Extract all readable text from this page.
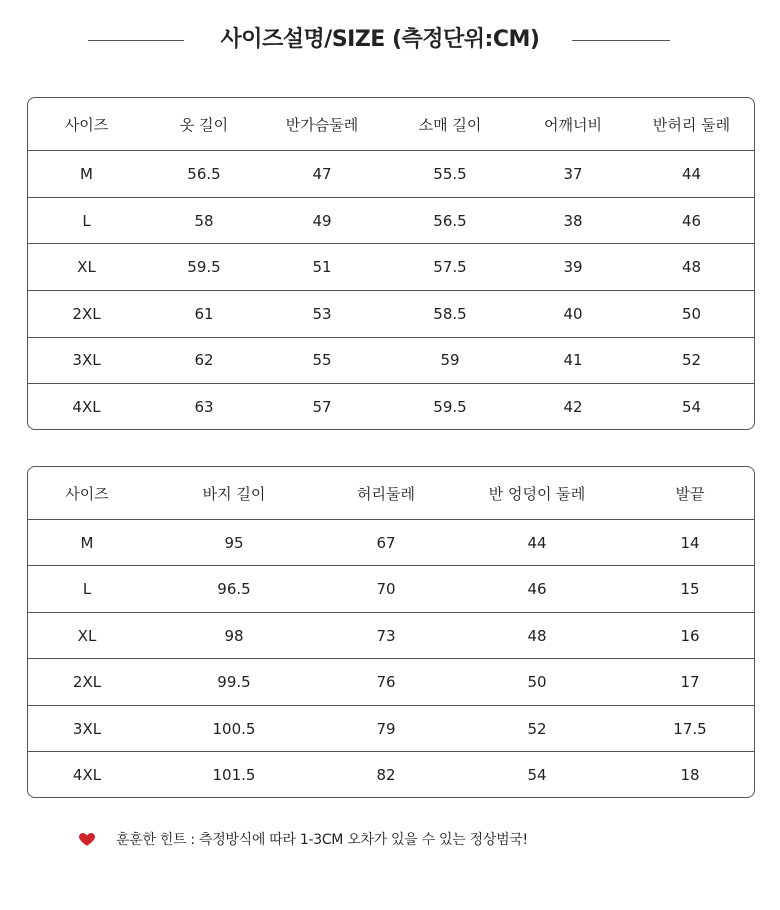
사이즈설명/SIZE (측정단위:CM)
사이즈	옷 길이	반가슴둘레	소매 길이	어깨너비	반허리 둘레
M	56.5	47	55.5	37	44
L	58	49	56.5	38	46
XL	59.5	51	57.5	39	48
2XL	61	53	58.5	40	50
3XL	62	55	59	41	52
4XL	63	57	59.5	42	54
사이즈	바지 길이	허리둘레	반 엉덩이 둘레	발끝
M	95	67	44	14
L	96.5	70	46	15
XL	98	73	48	16
2XL	99.5	76	50	17
3XL	100.5	79	52	17.5
4XL	101.5	82	54	18
훈훈한 힌트 : 측정방식에 따라 1-3CM 오차가 있을 수 있는 정상범국!
